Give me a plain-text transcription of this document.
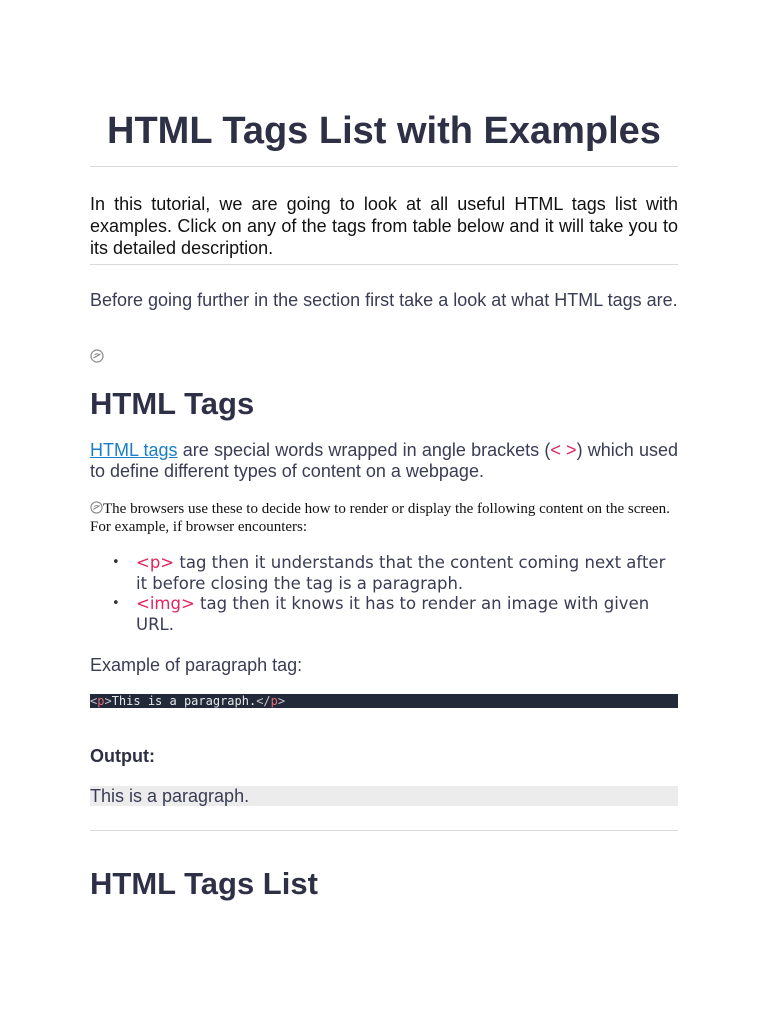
HTML Tags List with Examples

In this tutorial, we are going to look at all useful HTML tags list with examples. Click on any of the tags from table below and it will take you to its detailed description.

Before going further in the section first take a look at what HTML tags are.

HTML Tags

HTML tags are special words wrapped in angle brackets (< >) which used to define different types of content on a webpage.

The browsers use these to decide how to render or display the following content on the screen. For example, if browser encounters:

• <p> tag then it understands that the content coming next after it before closing the tag is a paragraph.
• <img> tag then it knows it has to render an image with given URL.

Example of paragraph tag:

<p>This is a paragraph.</p>

Output:

This is a paragraph.
HTML Tags List
